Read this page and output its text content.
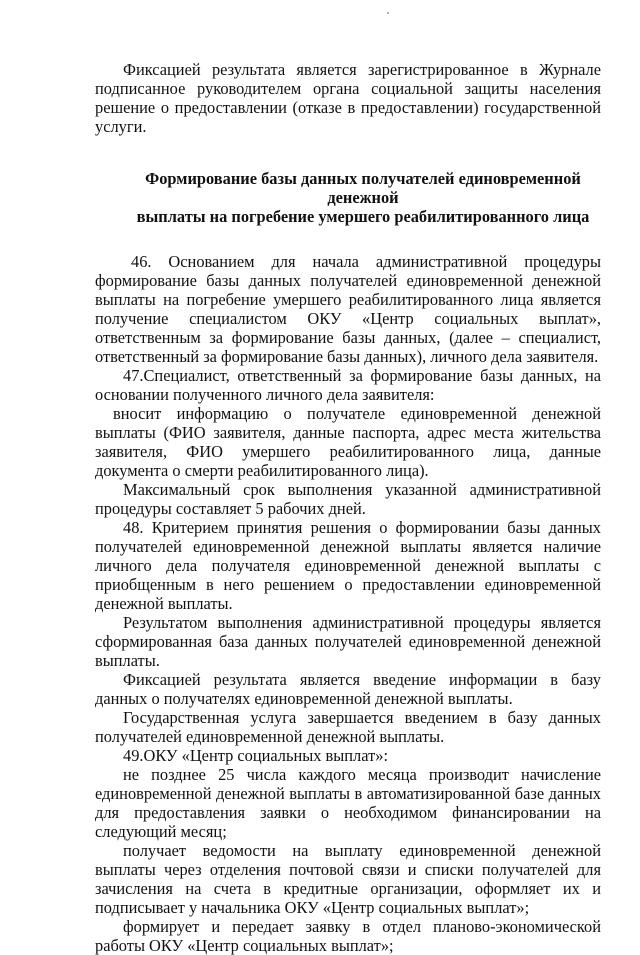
Фиксацией результата является зарегистрированное в Журнале подписанное руководителем органа социальной защиты населения решение о предоставлении (отказе в предоставлении) государственной услуги.

Формирование базы данных получателей единовременной денежной
выплаты на погребение умершего реабилитированного лица

46. Основанием для начала административной процедуры формирование базы данных получателей единовременной денежной выплаты на погребение умершего реабилитированного лица является получение специалистом ОКУ «Центр социальных выплат», ответственным за формирование базы данных, (далее – специалист, ответственный за формирование базы данных), личного дела заявителя.

47.Специалист, ответственный за формирование базы данных, на основании полученного личного дела заявителя:

вносит информацию о получателе единовременной денежной выплаты (ФИО заявителя, данные паспорта, адрес места жительства заявителя, ФИО умершего реабилитированного лица, данные документа о смерти реабилитированного лица).

Максимальный срок выполнения указанной административной процедуры составляет 5 рабочих дней.

48. Критерием принятия решения о формировании базы данных получателей единовременной денежной выплаты является наличие личного дела получателя единовременной денежной выплаты с приобщенным в него решением о предоставлении единовременной денежной выплаты.

Результатом выполнения административной процедуры является сформированная база данных получателей единовременной денежной выплаты.

Фиксацией результата является введение информации в базу данных о получателях единовременной денежной выплаты.

Государственная услуга завершается введением в базу данных получателей единовременной денежной выплаты.

49.ОКУ «Центр социальных выплат»:

не позднее 25 числа каждого месяца производит начисление единовременной денежной выплаты в автоматизированной базе данных для предоставления заявки о необходимом финансировании на следующий месяц;

получает ведомости на выплату единовременной денежной выплаты через отделения почтовой связи и списки получателей для зачисления на счета в кредитные организации, оформляет их и подписывает у начальника ОКУ «Центр социальных выплат»;

формирует и передает заявку в отдел планово-экономической работы ОКУ «Центр социальных выплат»;
